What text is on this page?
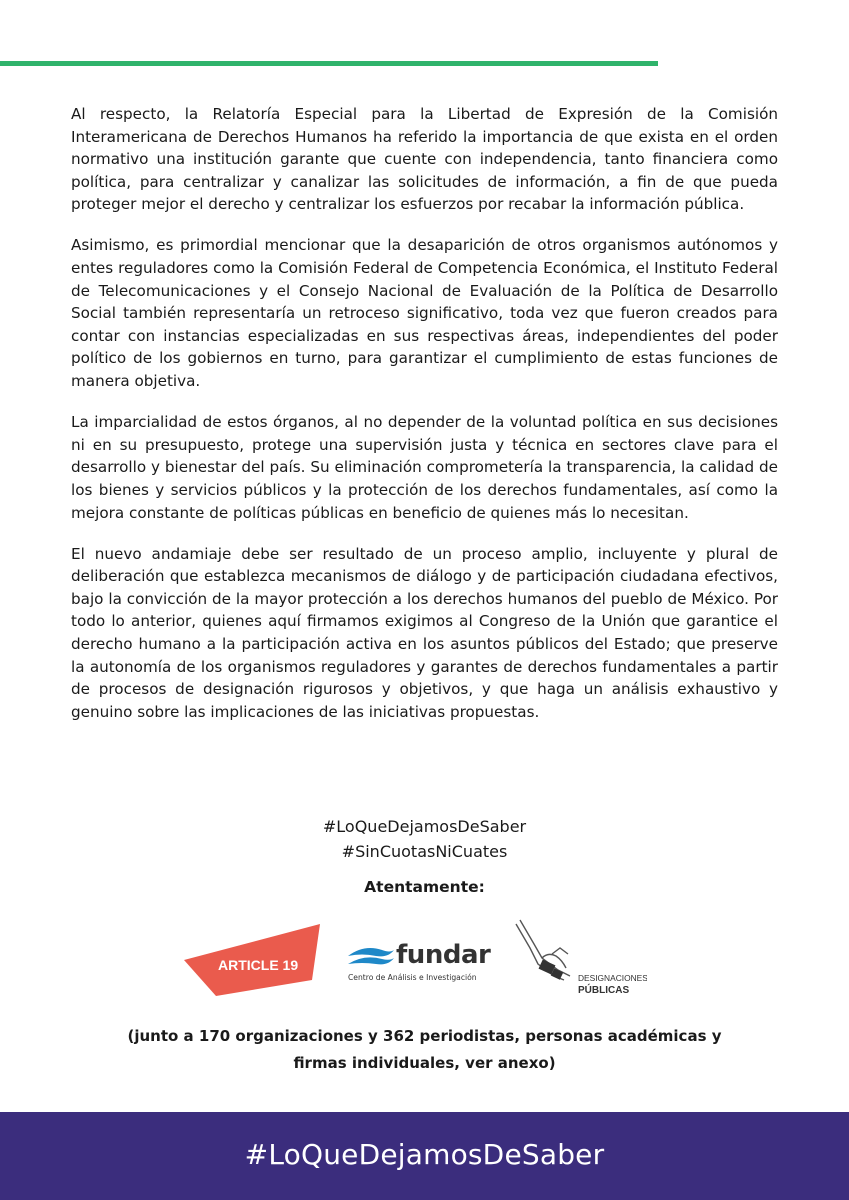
Al respecto, la Relatoría Especial para la Libertad de Expresión de la Comisión Interamericana de Derechos Humanos ha referido la importancia de que exista en el orden normativo una institución garante que cuente con independencia, tanto financiera como política, para centralizar y canalizar las solicitudes de información, a fin de que pueda proteger mejor el derecho y centralizar los esfuerzos por recabar la información pública.

Asimismo, es primordial mencionar que la desaparición de otros organismos autónomos y entes reguladores como la Comisión Federal de Competencia Económica, el Instituto Federal de Telecomunicaciones y el Consejo Nacional de Evaluación de la Política de Desarrollo Social también representaría un retroceso significativo, toda vez que fueron creados para contar con instancias especializadas en sus respectivas áreas, independientes del poder político de los gobiernos en turno, para garantizar el cumplimiento de estas funciones de manera objetiva.

La imparcialidad de estos órganos, al no depender de la voluntad política en sus decisiones ni en su presupuesto, protege una supervisión justa y técnica en sectores clave para el desarrollo y bienestar del país. Su eliminación comprometería la transparencia, la calidad de los bienes y servicios públicos y la protección de los derechos fundamentales, así como la mejora constante de políticas públicas en beneficio de quienes más lo necesitan.

El nuevo andamiaje debe ser resultado de un proceso amplio, incluyente y plural de deliberación que establezca mecanismos de diálogo y de participación ciudadana efectivos, bajo la convicción de la mayor protección a los derechos humanos del pueblo de México. Por todo lo anterior, quienes aquí firmamos exigimos al Congreso de la Unión que garantice el derecho humano a la participación activa en los asuntos públicos del Estado; que preserve la autonomía de los organismos reguladores y garantes de derechos fundamentales a partir de procesos de designación rigurosos y objetivos, y que haga un análisis exhaustivo y genuino sobre las implicaciones de las iniciativas propuestas.

#LoQueDejamosDeSaber
#SinCuotasNiCuates
Atentamente:
ARTICLE 19	fundar
Centro de Análisis e Investigación	DESIGNACIONES
PÚBLICAS
(junto a 170 organizaciones y 362 periodistas, personas académicas y firmas individuales, ver anexo)
#LoQueDejamosDeSaber
